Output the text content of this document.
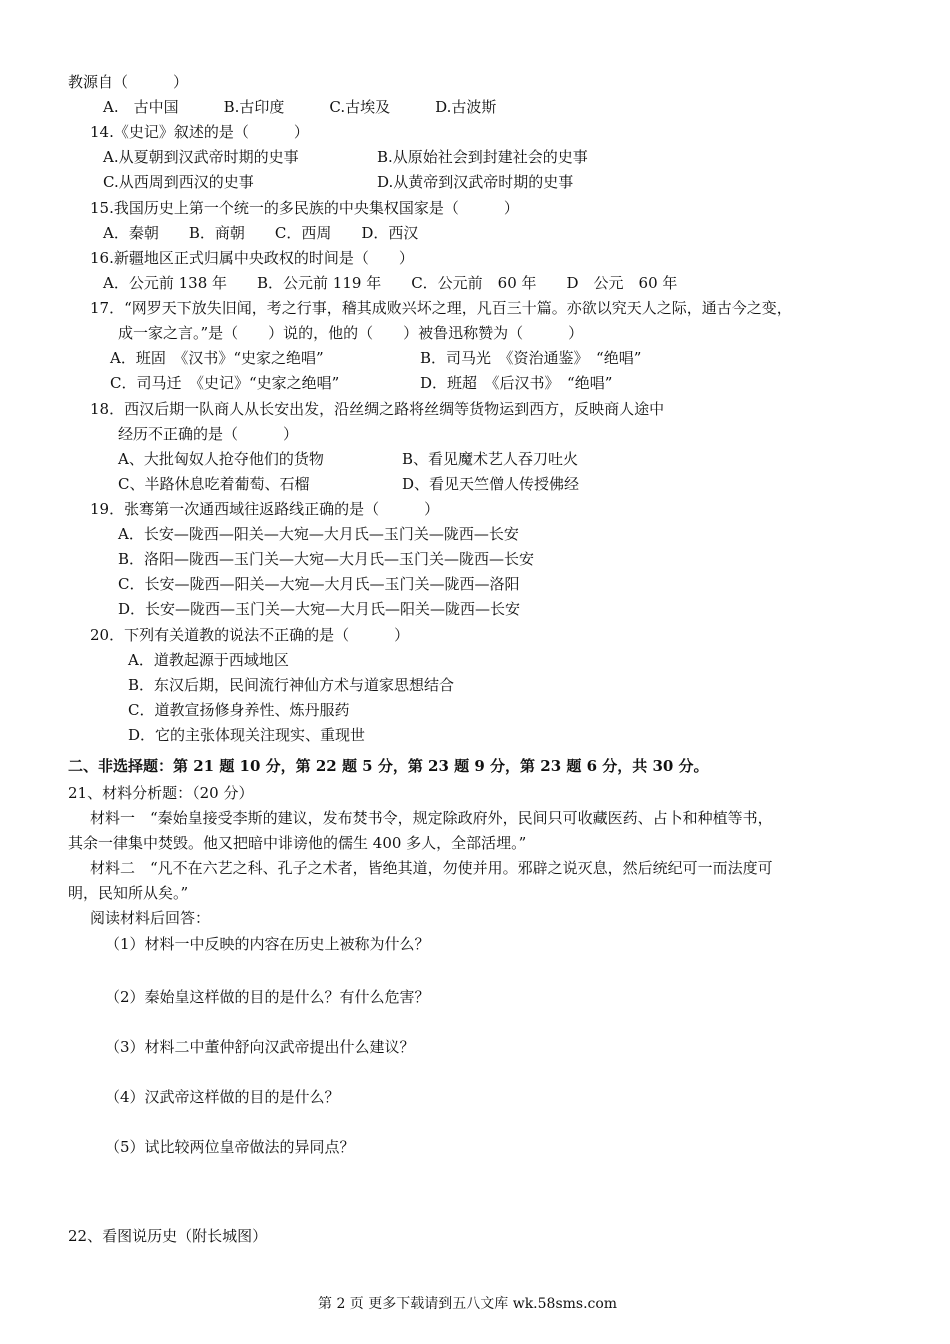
教源自（　　　）
A.　古中国　　　B.古印度　　　C.古埃及　　　D.古波斯
14.《史记》叙述的是（　　　）
A.从夏朝到汉武帝时期的史事	B.从原始社会到封建社会的史事
C.从西周到西汉的史事	D.从黄帝到汉武帝时期的史事
15.我国历史上第一个统一的多民族的中央集权国家是（　　　）
A．秦朝　　B．商朝　　C．西周　　D．西汉
16.新疆地区正式归属中央政权的时间是（　　）
A．公元前 138 年　　B．公元前 119 年　　C．公元前　60 年　　D　公元　60 年
17．“网罗天下放失旧闻，考之行事，稽其成败兴坏之理，凡百三十篇。亦欲以究天人之际，通古今之变，
成一家之言。”是（　　）说的，他的（　　）被鲁迅称赞为（　　　）
A．班固　《汉书》“史家之绝唱”	B．司马光　《资治通鉴》　“绝唱”
C．司马迁　《史记》“史家之绝唱”	D．班超　《后汉书》　“绝唱”
18．西汉后期一队商人从长安出发，沿丝绸之路将丝绸等货物运到西方，反映商人途中
经历不正确的是（　　　）
A、大批匈奴人抢夺他们的货物	B、看见魔术艺人吞刀吐火
C、半路休息吃着葡萄、石榴	D、看见天竺僧人传授佛经
19．张骞第一次通西域往返路线正确的是（　　　）
A．长安—陇西—阳关—大宛—大月氏—玉门关—陇西—长安
B．洛阳—陇西—玉门关—大宛—大月氏—玉门关—陇西—长安
C．长安—陇西—阳关—大宛—大月氏—玉门关—陇西—洛阳
D．长安—陇西—玉门关—大宛—大月氏—阳关—陇西—长安
20．下列有关道教的说法不正确的是（　　　）
A．道教起源于西域地区
B．东汉后期，民间流行神仙方术与道家思想结合
C．道教宣扬修身养性、炼丹服药
D．它的主张体现关注现实、重现世
二、非选择题：第 21 题 10 分，第 22 题 5 分，第 23 题 9 分，第 23 题 6 分，共 30 分。
21、材料分析题：（20 分）
材料一　“秦始皇接受李斯的建议，发布焚书令，规定除政府外，民间只可收藏医药、占卜和种植等书，
其余一律集中焚毁。他又把暗中诽谤他的儒生 400 多人，全部活埋。”
材料二　“凡不在六艺之科、孔子之术者，皆绝其道，勿使并用。邪辟之说灭息，然后统纪可一而法度可
明，民知所从矣。”
阅读材料后回答：
（1）材料一中反映的内容在历史上被称为什么？
（2）秦始皇这样做的目的是什么？有什么危害？
（3）材料二中董仲舒向汉武帝提出什么建议？
（4）汉武帝这样做的目的是什么？
（5）试比较两位皇帝做法的异同点？
22、看图说历史（附长城图）
第 2 页 更多下载请到五八文库 wk.58sms.com
